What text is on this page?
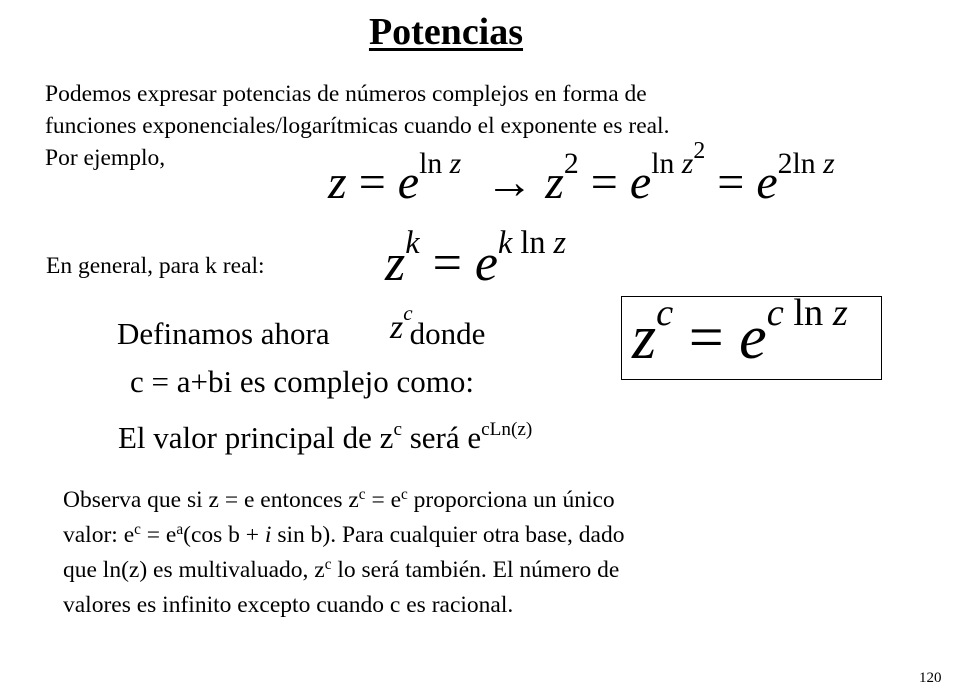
Potencias

Podemos expresar potencias de números complejos en forma de

funciones exponenciales/logarítmicas cuando el exponente es real.

Por ejemplo,	$z = e^{ln z} \to z^2 = e^{ln z^2} = e^{2ln z}$
En general, para k real: $z^k = e^{k ln z}$
Definamos ahora	donde
$z^c$
c = a+bi es complejo como:
$z^c = e^{c ln z}$
El valor principal de $z^c$ será $e^{cLn(z)}$

Observa que si z = e entonces $z^c = e^c$ proporciona un único

valor: $e^c = e^a(\cos$ b + i sin b). Para cualquier otra base, dado

que ln(z) es multivaluado, $z^c$ lo será también. El número de

valores es infinito excepto cuando c es racional.

120
